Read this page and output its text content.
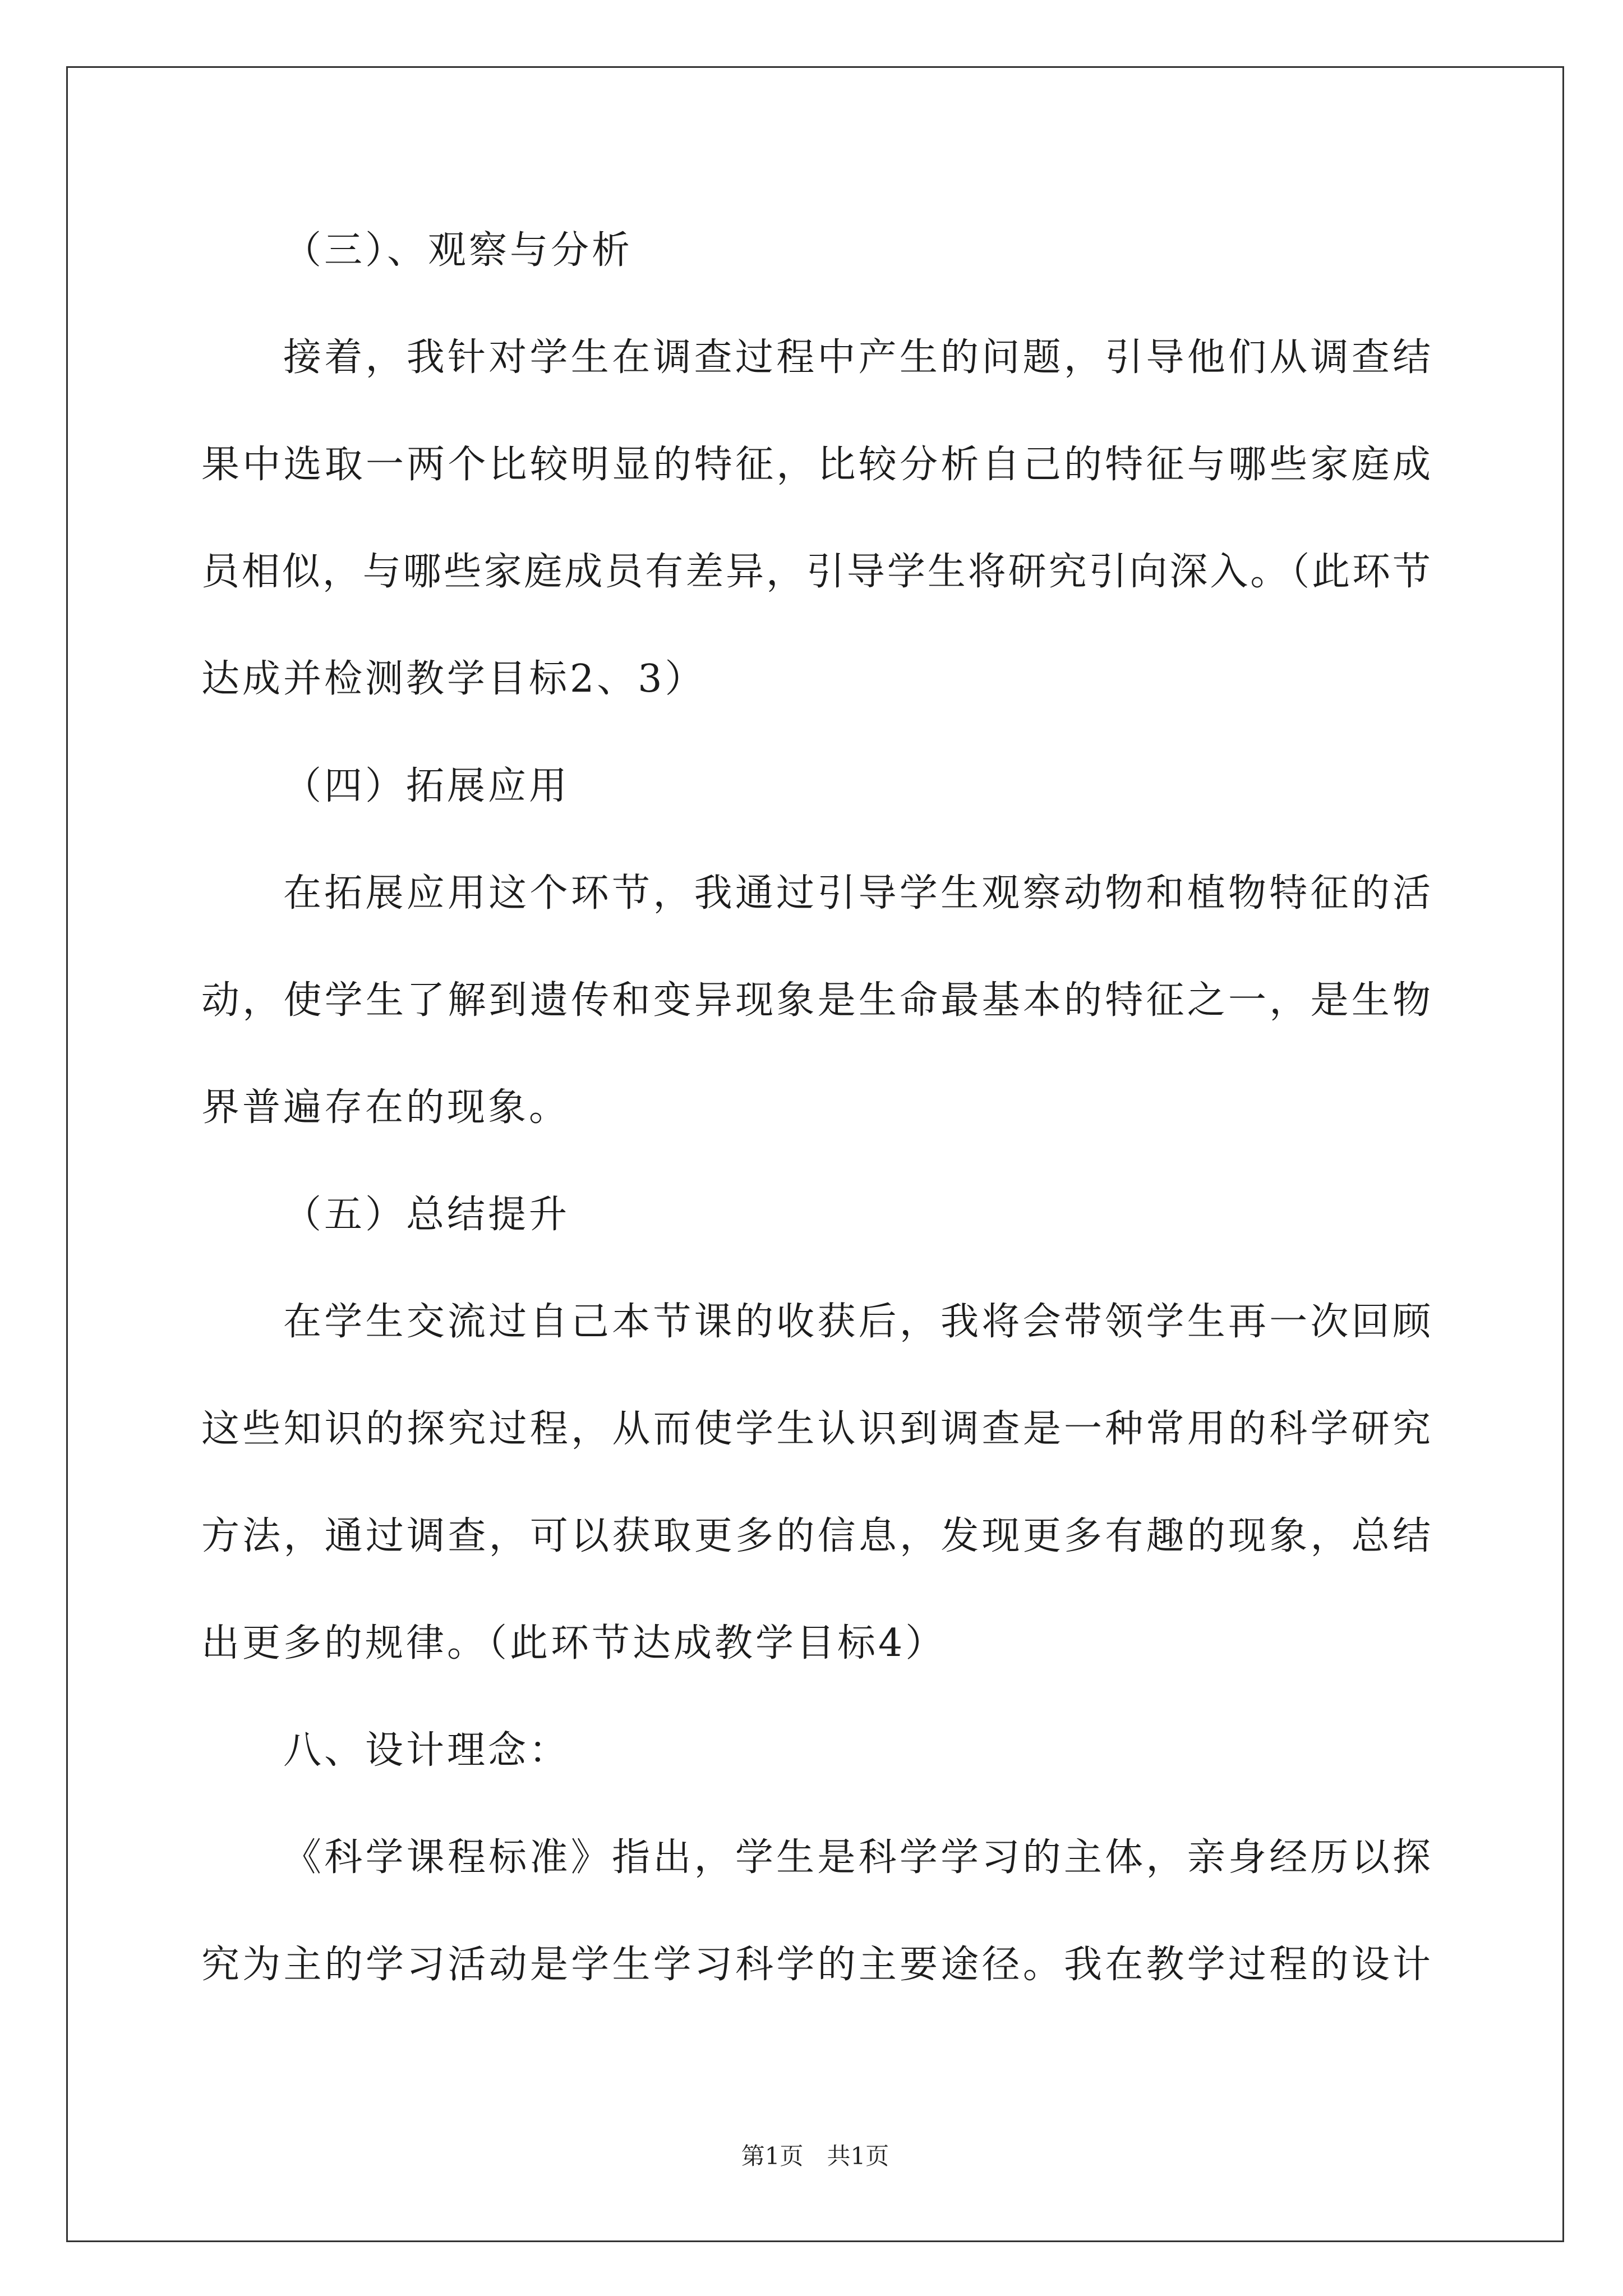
（三）、观察与分析
接着，我针对学生在调查过程中产生的问题，引导他们从调查结
果中选取一两个比较明显的特征，比较分析自己的特征与哪些家庭成
员相似，与哪些家庭成员有差异，引导学生将研究引向深入。（此环节
达成并检测教学目标2、3）
（四）拓展应用
在拓展应用这个环节，我通过引导学生观察动物和植物特征的活
动，使学生了解到遗传和变异现象是生命最基本的特征之一，是生物
界普遍存在的现象。
（五）总结提升
在学生交流过自己本节课的收获后，我将会带领学生再一次回顾
这些知识的探究过程，从而使学生认识到调查是一种常用的科学研究
方法，通过调查，可以获取更多的信息，发现更多有趣的现象，总结
出更多的规律。（此环节达成教学目标4）
八、设计理念：
《科学课程标准》指出，学生是科学学习的主体，亲身经历以探
究为主的学习活动是学生学习科学的主要途径。我在教学过程的设计
第1页　共1页
